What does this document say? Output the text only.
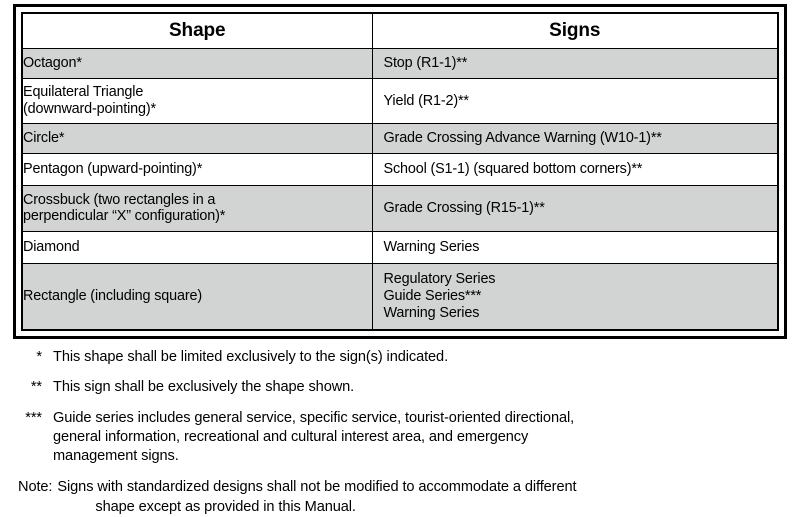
Shape	Signs

Octagon*	Stop (R1-1)**

Equilateral Triangle
(downward-pointing)*	Yield (R1-2)**

Circle*	Grade Crossing Advance Warning (W10-1)**

Pentagon (upward-pointing)*	School (S1-1) (squared bottom corners)**

Crossbuck (two rectangles in a
perpendicular “X” configuration)*	Grade Crossing (R15-1)**

Diamond	Warning Series

Rectangle (including square)	Regulatory Series
Guide Series***
Warning Series
* This shape shall be limited exclusively to the sign(s) indicated.
** This sign shall be exclusively the shape shown.
*** Guide series includes general service, specific service, tourist-oriented directional,
general information, recreational and cultural interest area, and emergency
management signs.
Note: Signs with standardized designs shall not be modified to accommodate a different
shape except as provided in this Manual.
